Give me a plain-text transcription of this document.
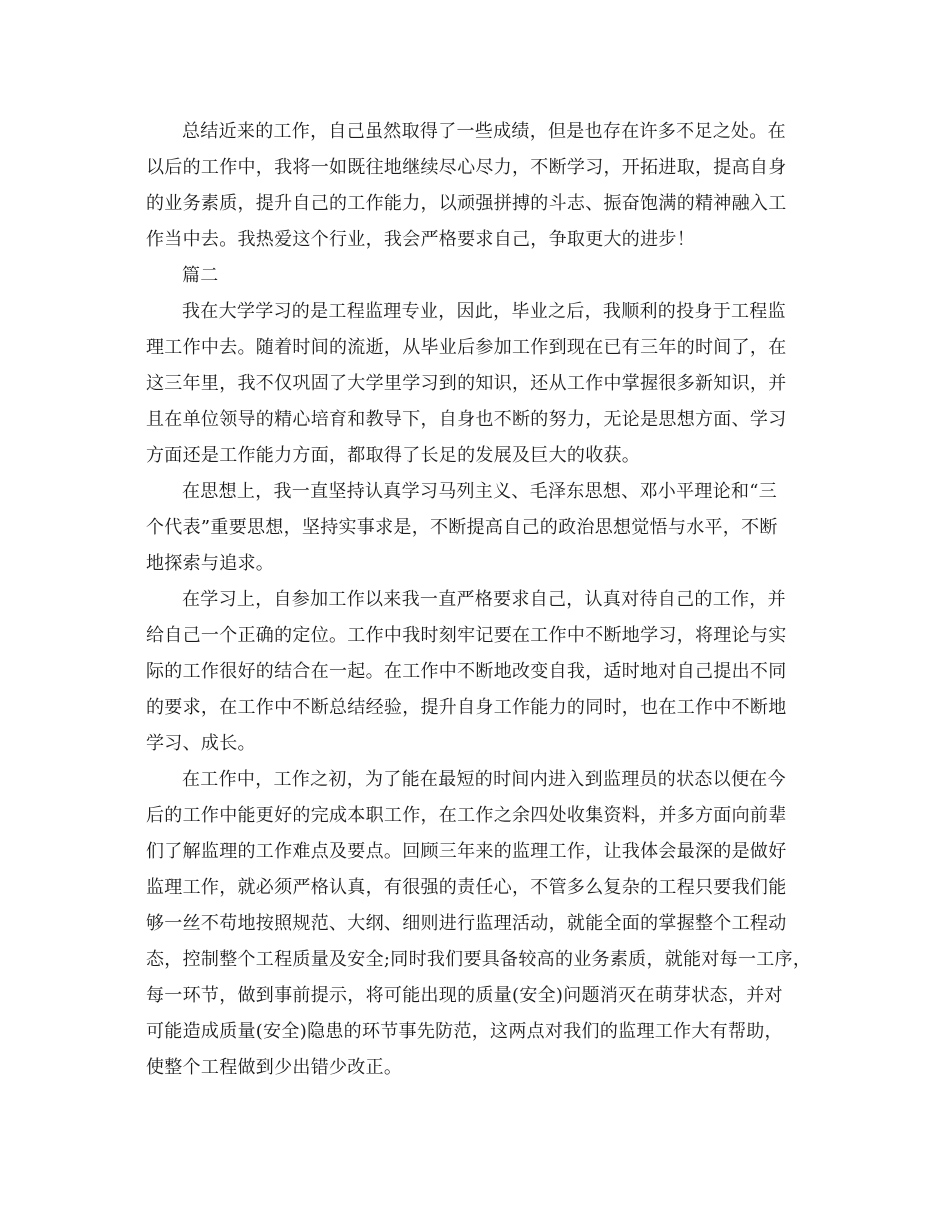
总结近来的工作，自己虽然取得了一些成绩，但是也存在许多不足之处。在
以后的工作中，我将一如既往地继续尽心尽力，不断学习，开拓进取，提高自身
的业务素质，提升自己的工作能力，以顽强拼搏的斗志、振奋饱满的精神融入工
作当中去。我热爱这个行业，我会严格要求自己，争取更大的进步！
篇二
我在大学学习的是工程监理专业，因此，毕业之后，我顺利的投身于工程监
理工作中去。随着时间的流逝，从毕业后参加工作到现在已有三年的时间了，在
这三年里，我不仅巩固了大学里学习到的知识，还从工作中掌握很多新知识，并
且在单位领导的精心培育和教导下，自身也不断的努力，无论是思想方面、学习
方面还是工作能力方面，都取得了长足的发展及巨大的收获。
在思想上，我一直坚持认真学习马列主义、毛泽东思想、邓小平理论和“三
个代表”重要思想，坚持实事求是，不断提高自己的政治思想觉悟与水平，不断
地探索与追求。
在学习上，自参加工作以来我一直严格要求自己，认真对待自己的工作，并
给自己一个正确的定位。工作中我时刻牢记要在工作中不断地学习，将理论与实
际的工作很好的结合在一起。在工作中不断地改变自我，适时地对自己提出不同
的要求，在工作中不断总结经验，提升自身工作能力的同时，也在工作中不断地
学习、成长。
在工作中，工作之初，为了能在最短的时间内进入到监理员的状态以便在今
后的工作中能更好的完成本职工作，在工作之余四处收集资料，并多方面向前辈
们了解监理的工作难点及要点。回顾三年来的监理工作，让我体会最深的是做好
监理工作，就必须严格认真，有很强的责任心，不管多么复杂的工程只要我们能
够一丝不苟地按照规范、大纲、细则进行监理活动，就能全面的掌握整个工程动
态，控制整个工程质量及安全;同时我们要具备较高的业务素质，就能对每一工序，
每一环节，做到事前提示，将可能出现的质量(安全)问题消灭在萌芽状态，并对
可能造成质量(安全)隐患的环节事先防范，这两点对我们的监理工作大有帮助，
使整个工程做到少出错少改正。
